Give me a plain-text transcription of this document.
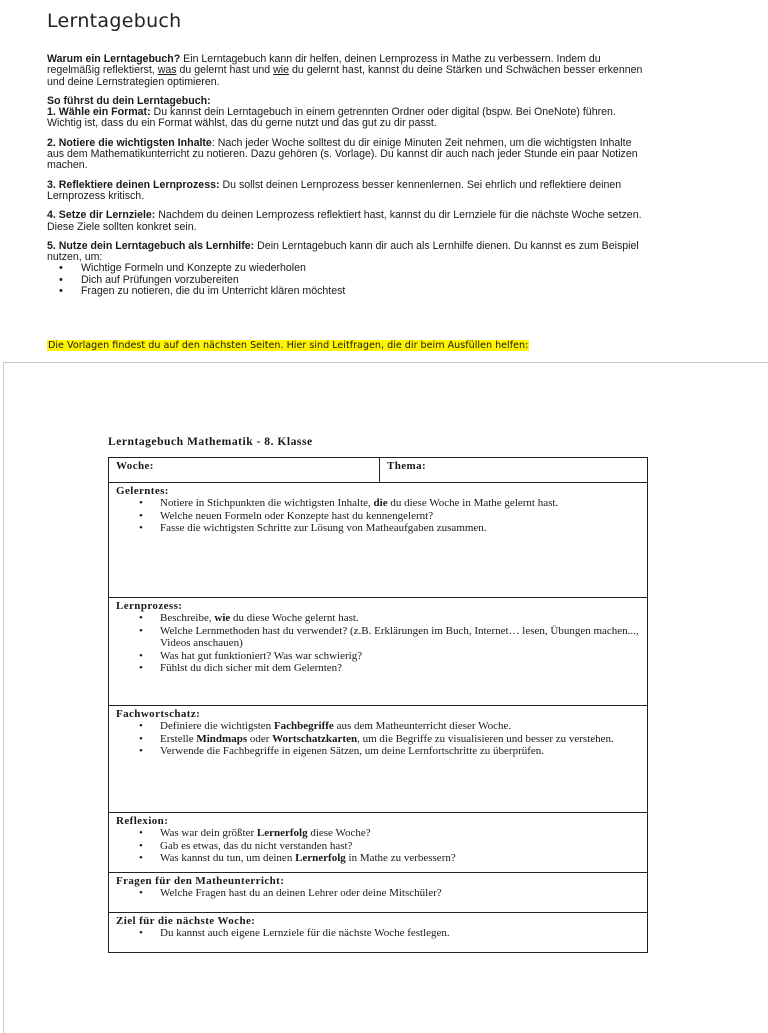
Lerntagebuch

Warum ein Lerntagebuch? Ein Lerntagebuch kann dir helfen, deinen Lernprozess in Mathe zu verbessern. Indem du regelmäßig reflektierst, was du gelernt hast und wie du gelernt hast, kannst du deine Stärken und Schwächen besser erkennen und deine Lernstrategien optimieren.

So führst du dein Lerntagebuch:
1. Wähle ein Format: Du kannst dein Lerntagebuch in einem getrennten Ordner oder digital (bspw. Bei OneNote) führen. Wichtig ist, dass du ein Format wählst, das du gerne nutzt und das gut zu dir passt.

2. Notiere die wichtigsten Inhalte: Nach jeder Woche solltest du dir einige Minuten Zeit nehmen, um die wichtigsten Inhalte aus dem Mathematikunterricht zu notieren. Dazu gehören (s. Vorlage). Du kannst dir auch nach jeder Stunde ein paar Notizen machen.

3. Reflektiere deinen Lernprozess: Du sollst deinen Lernprozess besser kennenlernen. Sei ehrlich und reflektiere deinen Lernprozess kritisch.

4. Setze dir Lernziele: Nachdem du deinen Lernprozess reflektiert hast, kannst du dir Lernziele für die nächste Woche setzen. Diese Ziele sollten konkret sein.

5. Nutze dein Lerntagebuch als Lernhilfe: Dein Lerntagebuch kann dir auch als Lernhilfe dienen. Du kannst es zum Beispiel nutzen, um:

• Wichtige Formeln und Konzepte zu wiederholen
• Dich auf Prüfungen vorzubereiten
• Fragen zu notieren, die du im Unterricht klären möchtest
Die Vorlagen findest du auf den nächsten Seiten. Hier sind Leitfragen, die dir beim Ausfüllen helfen:
Lerntagebuch Mathematik - 8. Klasse
Woche:	Thema:

Gelerntes:
• Notiere in Stichpunkten die wichtigsten Inhalte, die du diese Woche in Mathe gelernt hast.
• Welche neuen Formeln oder Konzepte hast du kennengelernt?
• Fasse die wichtigsten Schritte zur Lösung von Matheaufgaben zusammen.

Lernprozess:
• Beschreibe, wie du diese Woche gelernt hast.
• Welche Lernmethoden hast du verwendet? (z.B. Erklärungen im Buch, Internet… lesen, Übungen machen..., Videos anschauen)
• Was hat gut funktioniert? Was war schwierig?
• Fühlst du dich sicher mit dem Gelernten?

Fachwortschatz:
• Definiere die wichtigsten Fachbegriffe aus dem Matheunterricht dieser Woche.
• Erstelle Mindmaps oder Wortschatzkarten, um die Begriffe zu visualisieren und besser zu verstehen.
• Verwende die Fachbegriffe in eigenen Sätzen, um deine Lernfortschritte zu überprüfen.

Reflexion:
• Was war dein größter Lernerfolg diese Woche?
• Gab es etwas, das du nicht verstanden hast?
• Was kannst du tun, um deinen Lernerfolg in Mathe zu verbessern?

Fragen für den Matheunterricht:
• Welche Fragen hast du an deinen Lehrer oder deine Mitschüler?

Ziel für die nächste Woche:
• Du kannst auch eigene Lernziele für die nächste Woche festlegen.
